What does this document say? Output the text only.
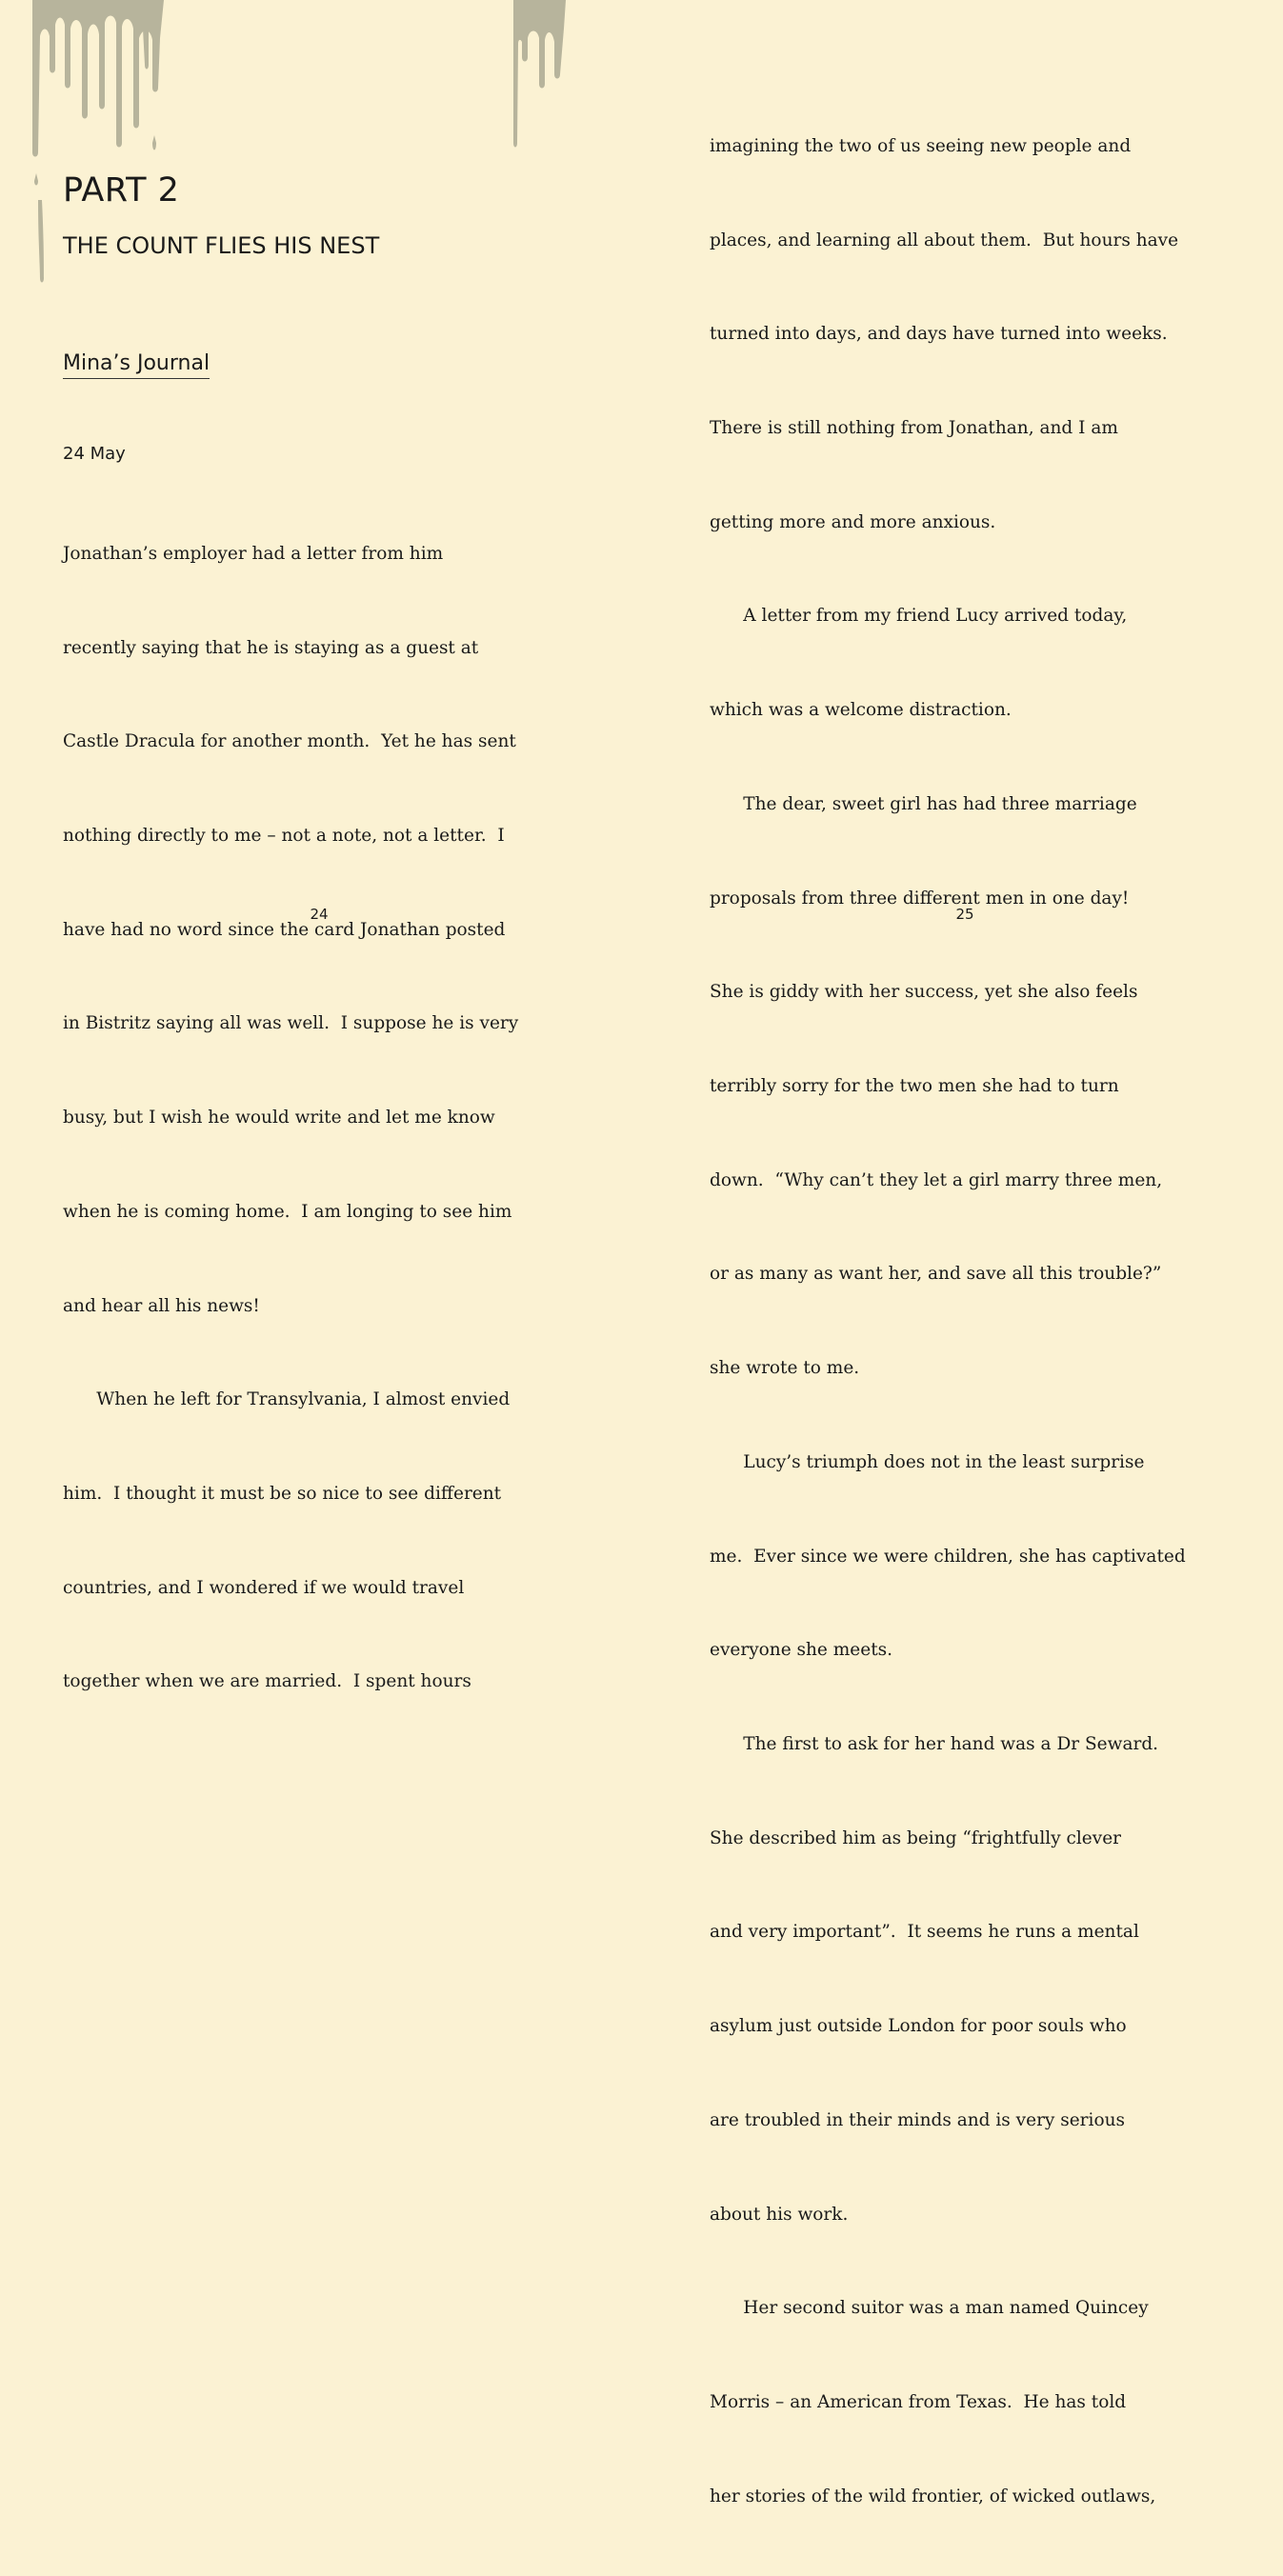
PART 2
THE COUNT FLIES HIS NEST
Mina’s Journal
24 May

Jonathan’s employer had a letter from him

recently saying that he is staying as a guest at

Castle Dracula for another month.  Yet he has sent

nothing directly to me – not a note, not a letter.  I

have had no word since the card Jonathan posted

in Bistritz saying all was well.  I suppose he is very

busy, but I wish he would write and let me know

when he is coming home.  I am longing to see him

and hear all his news!

When he left for Transylvania, I almost envied

him.  I thought it must be so nice to see different

countries, and I wondered if we would travel

together when we are married.  I spent hours

24

imagining the two of us seeing new people and

places, and learning all about them.  But hours have

turned into days, and days have turned into weeks.

There is still nothing from Jonathan, and I am

getting more and more anxious.

A letter from my friend Lucy arrived today,

which was a welcome distraction.

The dear, sweet girl has had three marriage

proposals from three different men in one day!

She is giddy with her success, yet she also feels

terribly sorry for the two men she had to turn

down.  “Why can’t they let a girl marry three men,

or as many as want her, and save all this trouble?”

she wrote to me.

Lucy’s triumph does not in the least surprise

me.  Ever since we were children, she has captivated

everyone she meets.

The first to ask for her hand was a Dr Seward.

She described him as being “frightfully clever

and very important”.  It seems he runs a mental

asylum just outside London for poor souls who

are troubled in their minds and is very serious

about his work.

Her second suitor was a man named Quincey

Morris – an American from Texas.  He has told

her stories of the wild frontier, of wicked outlaws,

25
